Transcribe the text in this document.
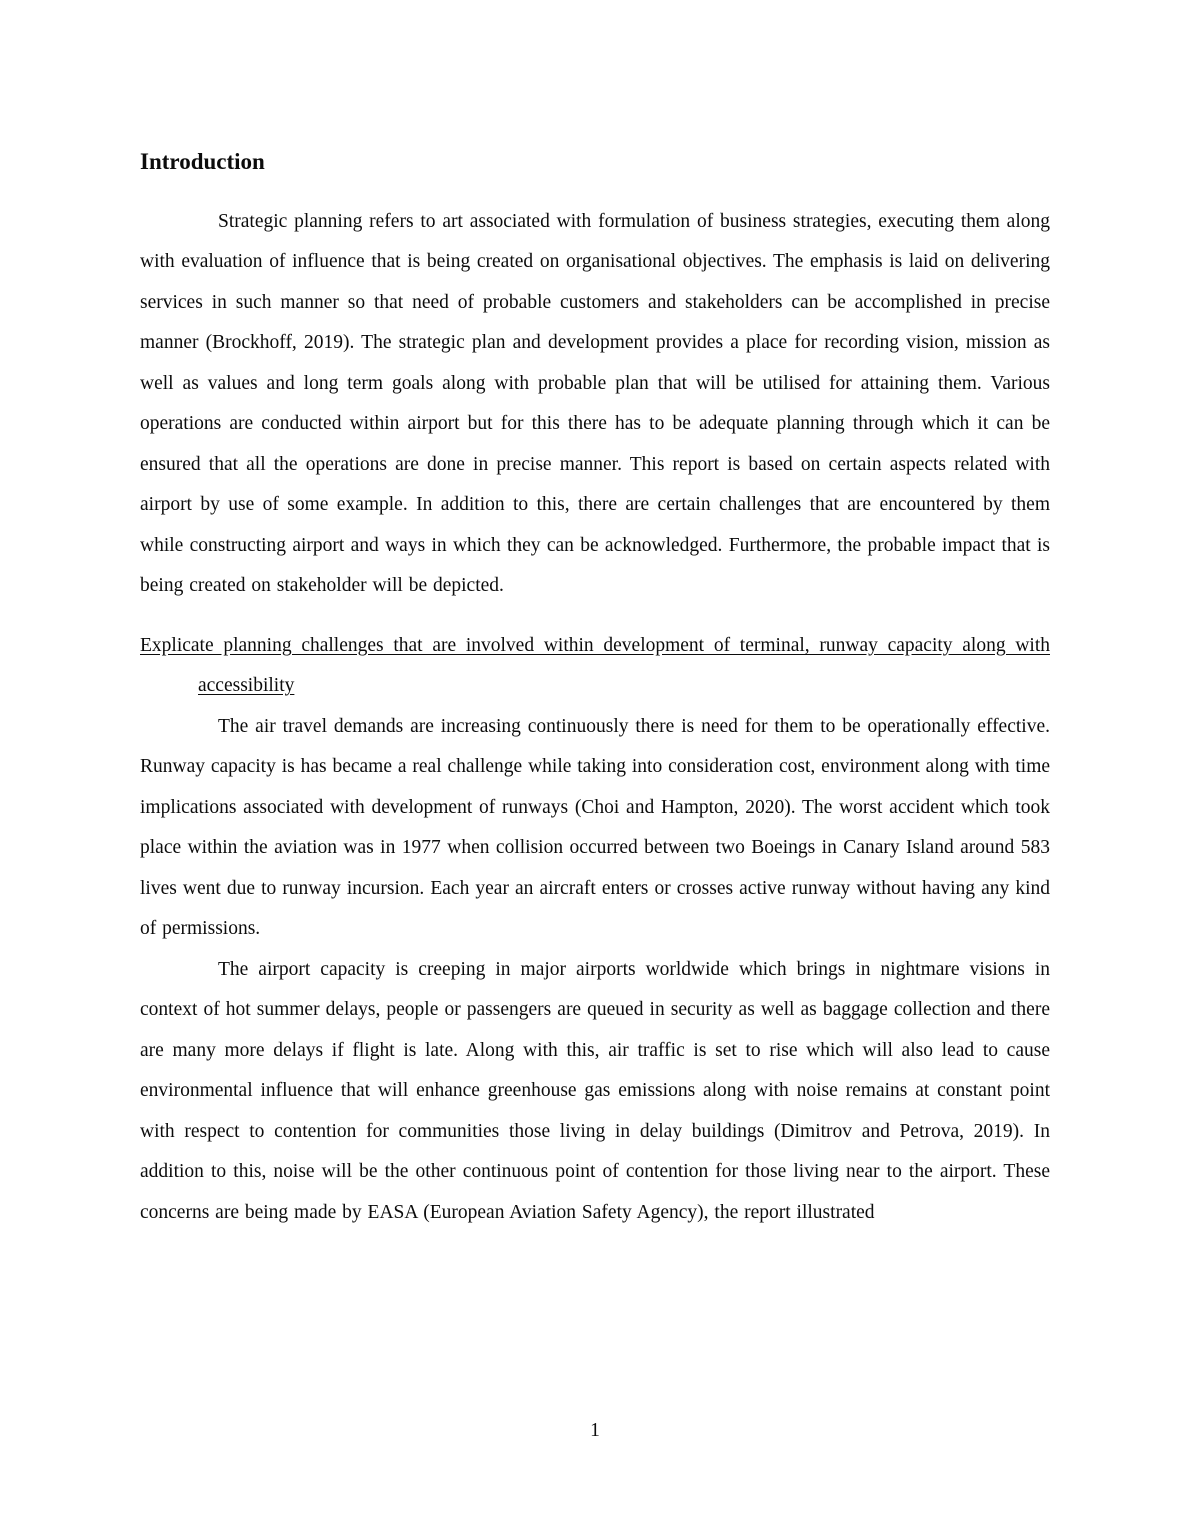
Introduction

Strategic planning refers to art associated with formulation of business strategies, executing them along with evaluation of influence that is being created on organisational objectives. The emphasis is laid on delivering services in such manner so that need of probable customers and stakeholders can be accomplished in precise manner (Brockhoff, 2019). The strategic plan and development provides a place for recording vision, mission as well as values and long term goals along with probable plan that will be utilised for attaining them. Various operations are conducted within airport but for this there has to be adequate planning through which it can be ensured that all the operations are done in precise manner. This report is based on certain aspects related with airport by use of some example. In addition to this, there are certain challenges that are encountered by them while constructing airport and ways in which they can be acknowledged. Furthermore, the probable impact that is being created on stakeholder will be depicted.

Explicate planning challenges that are involved within development of terminal, runway capacity along with accessibility

The air travel demands are increasing continuously there is need for them to be operationally effective. Runway capacity is has became a real challenge while taking into consideration cost, environment along with time implications associated with development of runways (Choi and Hampton, 2020). The worst accident which took place within the aviation was in 1977 when collision occurred between two Boeings in Canary Island around 583 lives went due to runway incursion. Each year an aircraft enters or crosses active runway without having any kind of permissions.

The airport capacity is creeping in major airports worldwide which brings in nightmare visions in context of hot summer delays, people or passengers are queued in security as well as baggage collection and there are many more delays if flight is late. Along with this, air traffic is set to rise which will also lead to cause environmental influence that will enhance greenhouse gas emissions along with noise remains at constant point with respect to contention for communities those living in delay buildings (Dimitrov and Petrova, 2019). In addition to this, noise will be the other continuous point of contention for those living near to the airport. These concerns are being made by EASA (European Aviation Safety Agency), the report illustrated

1
